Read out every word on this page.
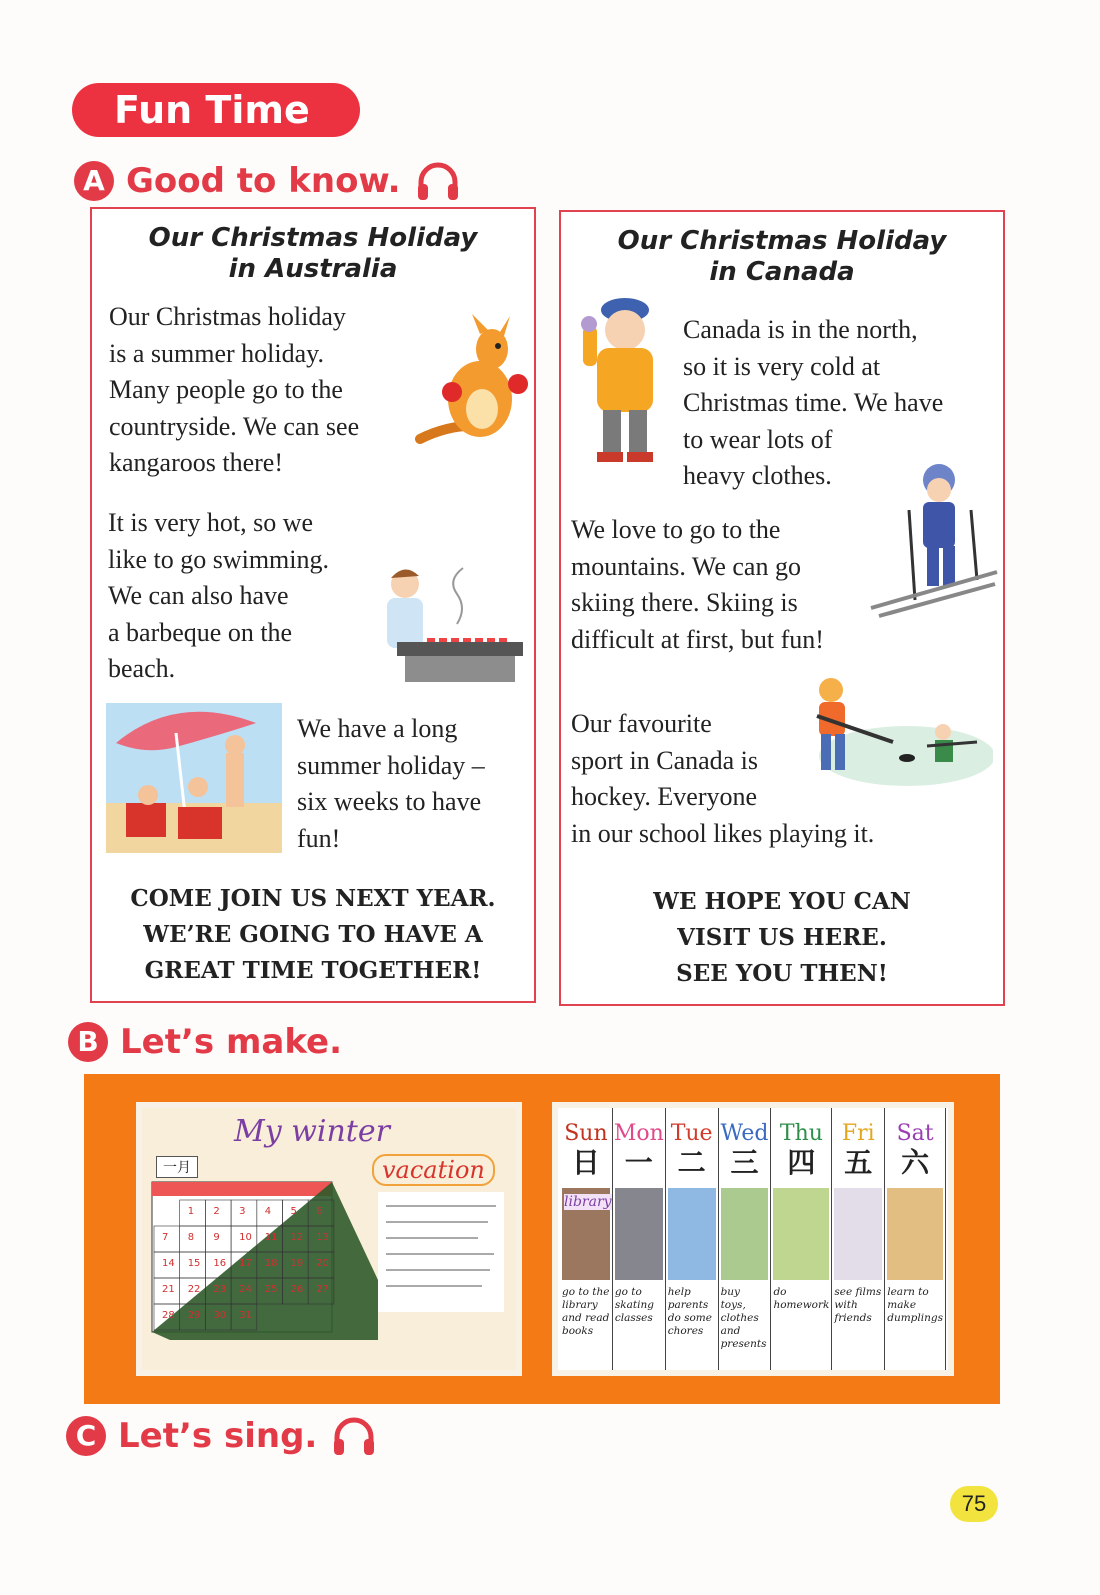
Fun Time
A Good to know.
Our Christmas Holiday
in Australia

Our Christmas holiday
is a summer holiday.
Many people go to the
countryside. We can see
kangaroos there!

It is very hot, so we
like to go swimming.
We can also have
a barbeque on the
beach.

We have a long
summer holiday –
six weeks to have
fun!

COME JOIN US NEXT YEAR.
WE’RE GOING TO HAVE A
GREAT TIME TOGETHER!
Our Christmas Holiday
in Canada

Canada is in the north,
so it is very cold at
Christmas time. We have
to wear lots of
heavy clothes.

We love to go to the
mountains. We can go
skiing there. Skiing is
difficult at first, but fun!

Our favourite
sport in Canada is
hockey. Everyone
in our school likes playing it.

WE HOPE YOU CAN
VISIT US HERE.
SEE YOU THEN!
B Let’s make.
My winter
vacation
一月
1 2 3 4 5 6
7 8 9 10 11 12 13
14 15 16 17 18 19 20
21 22 23 24 25 26 27
28 29 30 31
Sun
日
go to the library and read books
Mon
一
go to skating classes
Tue
二
help parents do some chores
Wed
三
buy toys, clothes and presents
Thu
四
do homework
Fri
五
see films with friends
Sat
六
learn to make dumplings
library
C Let’s sing.
75
